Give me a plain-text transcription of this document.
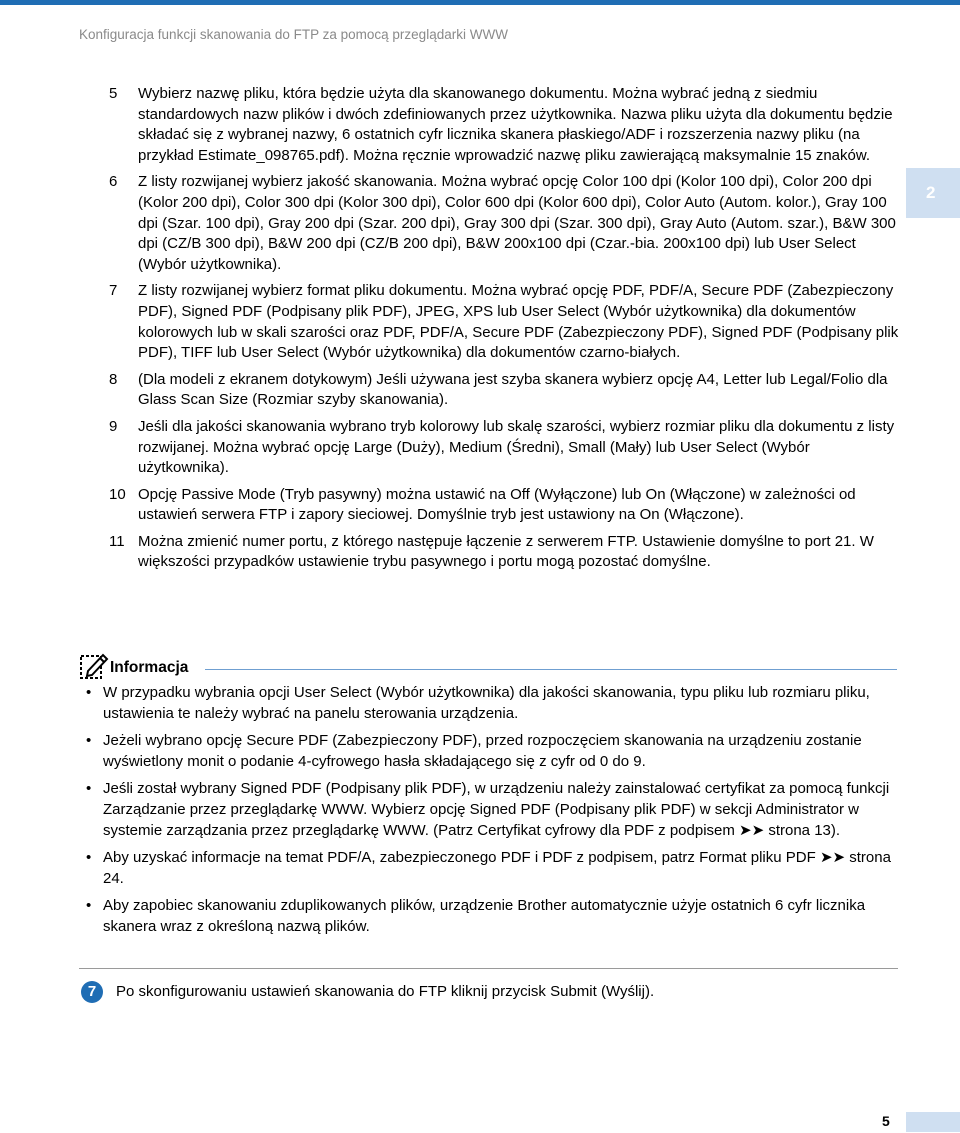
Konfiguracja funkcji skanowania do FTP za pomocą przeglądarki WWW
2
5	Wybierz nazwę pliku, która będzie użyta dla skanowanego dokumentu. Można wybrać jedną z siedmiu standardowych nazw plików i dwóch zdefiniowanych przez użytkownika. Nazwa pliku użyta dla dokumentu będzie składać się z wybranej nazwy, 6 ostatnich cyfr licznika skanera płaskiego/ADF i rozszerzenia nazwy pliku (na przykład Estimate_098765.pdf). Można ręcznie wprowadzić nazwę pliku zawierającą maksymalnie 15 znaków.
6	Z listy rozwijanej wybierz jakość skanowania. Można wybrać opcję Color 100 dpi (Kolor 100 dpi), Color 200 dpi (Kolor 200 dpi), Color 300 dpi (Kolor 300 dpi), Color 600 dpi (Kolor 600 dpi), Color Auto (Autom. kolor.), Gray 100 dpi (Szar. 100 dpi), Gray 200 dpi (Szar. 200 dpi), Gray 300 dpi (Szar. 300 dpi), Gray Auto (Autom. szar.), B&W 300 dpi (CZ/B 300 dpi), B&W 200 dpi (CZ/B 200 dpi), B&W 200x100 dpi (Czar.-bia. 200x100 dpi) lub User Select (Wybór użytkownika).
7	Z listy rozwijanej wybierz format pliku dokumentu. Można wybrać opcję PDF, PDF/A, Secure PDF (Zabezpieczony PDF), Signed PDF (Podpisany plik PDF), JPEG, XPS lub User Select (Wybór użytkownika) dla dokumentów kolorowych lub w skali szarości oraz PDF, PDF/A, Secure PDF (Zabezpieczony PDF), Signed PDF (Podpisany plik PDF), TIFF lub User Select (Wybór użytkownika) dla dokumentów czarno-białych.
8	(Dla modeli z ekranem dotykowym) Jeśli używana jest szyba skanera wybierz opcję A4, Letter lub Legal/Folio dla Glass Scan Size (Rozmiar szyby skanowania).
9	Jeśli dla jakości skanowania wybrano tryb kolorowy lub skalę szarości, wybierz rozmiar pliku dla dokumentu z listy rozwijanej. Można wybrać opcję Large (Duży), Medium (Średni), Small (Mały) lub User Select (Wybór użytkownika).
10 Opcję Passive Mode (Tryb pasywny) można ustawić na Off (Wyłączone) lub On (Włączone) w zależności od ustawień serwera FTP i zapory sieciowej. Domyślnie tryb jest ustawiony na On (Włączone).
11 Można zmienić numer portu, z którego następuje łączenie z serwerem FTP. Ustawienie domyślne to port 21. W większości przypadków ustawienie trybu pasywnego i portu mogą pozostać domyślne.
Informacja
• W przypadku wybrania opcji User Select (Wybór użytkownika) dla jakości skanowania, typu pliku lub rozmiaru pliku, ustawienia te należy wybrać na panelu sterowania urządzenia.
• Jeżeli wybrano opcję Secure PDF (Zabezpieczony PDF), przed rozpoczęciem skanowania na urządzeniu zostanie wyświetlony monit o podanie 4-cyfrowego hasła składającego się z cyfr od 0 do 9.
• Jeśli został wybrany Signed PDF (Podpisany plik PDF), w urządzeniu należy zainstalować certyfikat za pomocą funkcji Zarządzanie przez przeglądarkę WWW. Wybierz opcję Signed PDF (Podpisany plik PDF) w sekcji Administrator w systemie zarządzania przez przeglądarkę WWW. (Patrz Certyfikat cyfrowy dla PDF z podpisem ➤➤ strona 13).
• Aby uzyskać informacje na temat PDF/A, zabezpieczonego PDF i PDF z podpisem, patrz Format pliku PDF ➤➤ strona 24.
• Aby zapobiec skanowaniu zduplikowanych plików, urządzenie Brother automatycznie użyje ostatnich 6 cyfr licznika skanera wraz z określoną nazwą plików.
7	Po skonfigurowaniu ustawień skanowania do FTP kliknij przycisk Submit (Wyślij).
5
